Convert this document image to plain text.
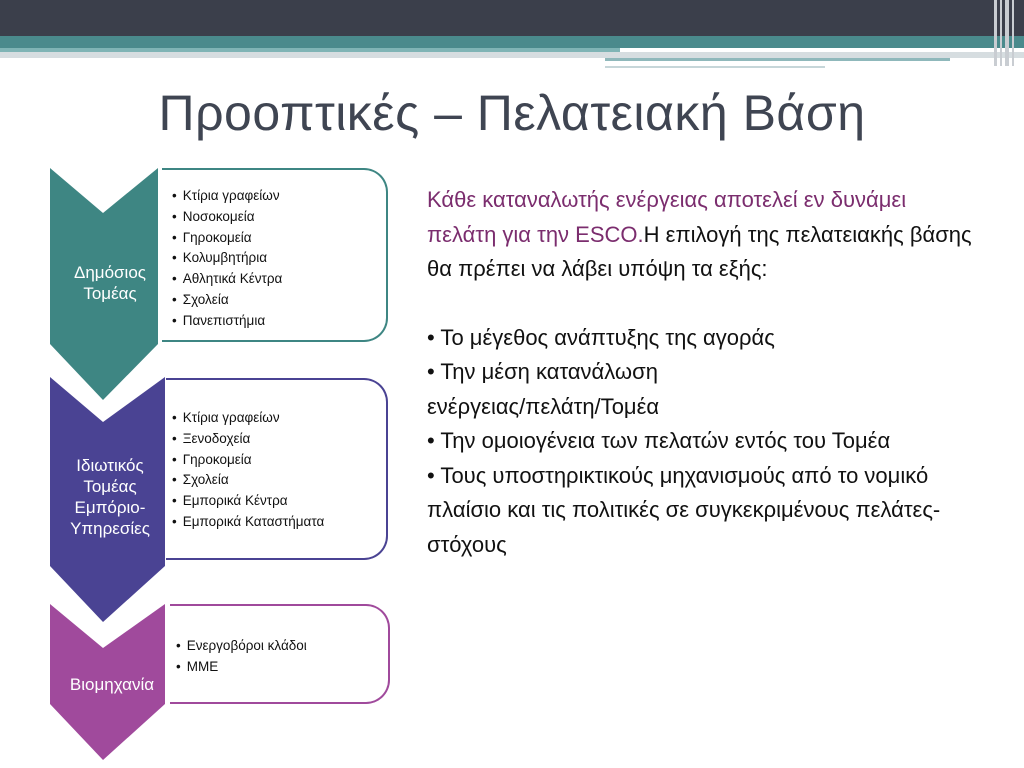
Προοπτικές – Πελατειακή Βάση
Δημόσιος
Τομέας
• Κτίρια γραφείων
• Νοσοκομεία
• Γηροκομεία
• Κολυμβητήρια
• Αθλητικά Κέντρα
• Σχολεία
• Πανεπιστήμια
Ιδιωτικός
Τομέας
Εμπόριο-
Υπηρεσίες
• Κτίρια γραφείων
• Ξενοδοχεία
• Γηροκομεία
• Σχολεία
• Εμπορικά Κέντρα
• Εμπορικά Καταστήματα
Βιομηχανία
• Ενεργοβόροι κλάδοι
• ΜΜΕ

Κάθε καταναλωτής ενέργειας αποτελεί εν δυνάμει πελάτη για την ESCO.Η επιλογή της πελατειακής βάσης θα πρέπει να λάβει υπόψη τα εξής:

• Το μέγεθος ανάπτυξης της αγοράς

• Την μέση κατανάλωση ενέργειας/πελάτη/Τομέα

• Την ομοιογένεια των πελατών εντός του Τομέα

• Τους υποστηρικτικούς μηχανισμούς από το νομικό πλαίσιο και τις πολιτικές σε συγκεκριμένους πελάτες-στόχους
